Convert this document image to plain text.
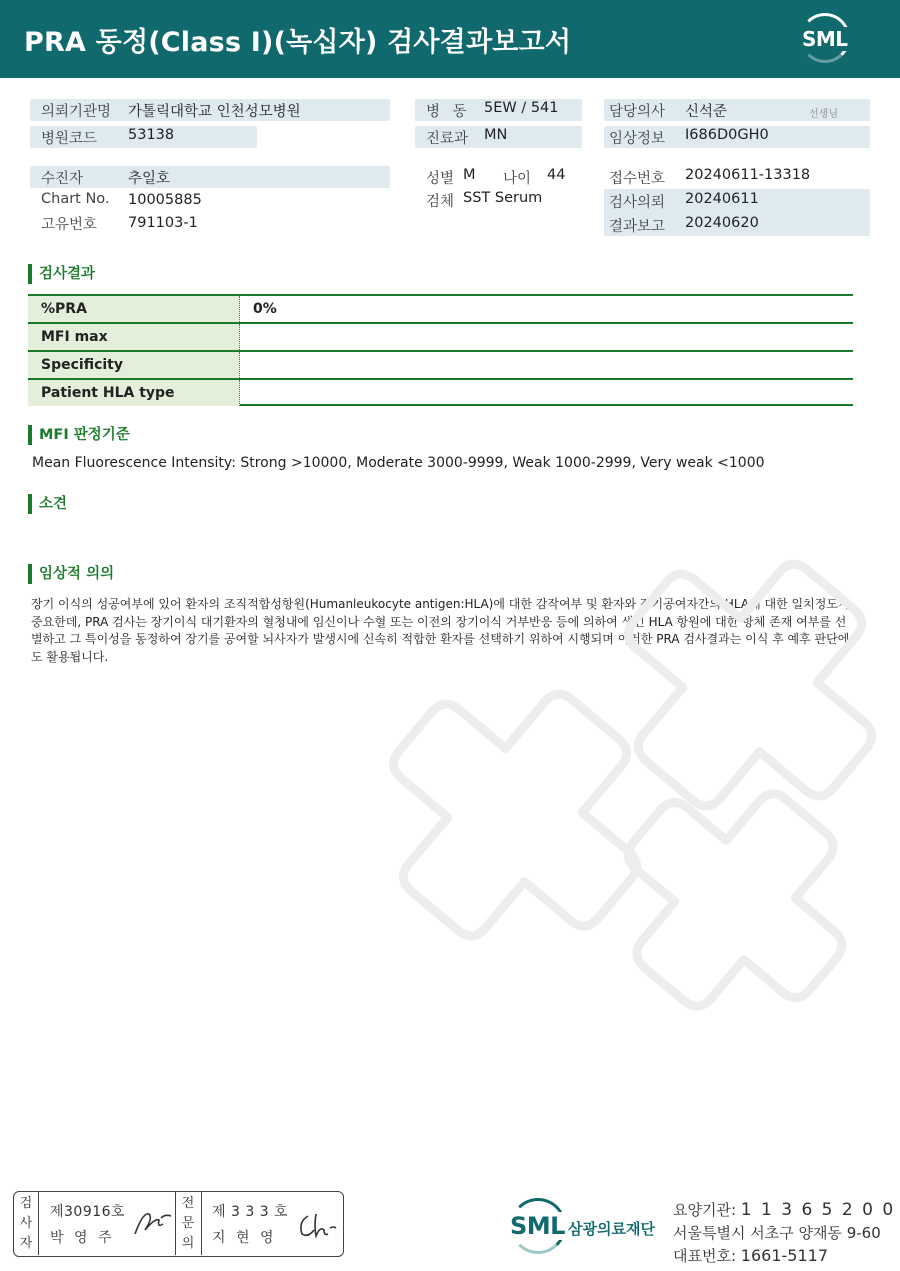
PRA 동정(Class I)(녹십자) 검사결과보고서	SML
의뢰기관명 가톨릭대학교 인천성모병원
병원코드 53138
수진자	추일호
Chart No. 10005885
고유번호 791103-1
병 동 5EW / 541
진료과 MN
성별 M 나이 44
검체 SST Serum
담당의사 신석준	선생님
임상정보 I686D0GH0
접수번호 20240611-13318
검사의뢰 20240611
결과보고 20240620
검사결과
%PRA	0%
MFI max
Specificity
Patient HLA type
MFI 판정기준
Mean Fluorescence Intensity: Strong >10000, Moderate 3000-9999, Weak 1000-2999, Very weak <1000
소견
임상적 의의
장기 이식의 성공여부에 있어 환자의 조직적합성항원(Humanleukocyte antigen:HLA)에 대한 감작여부 및 환자와 장기공여자간의 HLA에 대한 일치정도가 중요한데, PRA 검사는 장기이식 대기환자의 혈청내에 임신이나 수혈 또는 이전의 장기이식 거부반응 등에 의하여 생긴 HLA 항원에 대한 항체 존재 여부를 선별하고 그 특이성을 동정하여 장기를 공여할 뇌사자가 발생시에 신속히 적합한 환자를 선택하기 위하여 시행되며 이러한 PRA 검사결과는 이식 후 예후 판단에도 활용됩니다.
검
사
자
제30916호
박 영 주
전
문
의
제 3 3 3 호
지 현 영	SML 삼광의료재단
요양기관: 1 1 3 6 5 2 0 0
서울특별시 서초구 양재동 9-60
대표번호: 1661-5117
